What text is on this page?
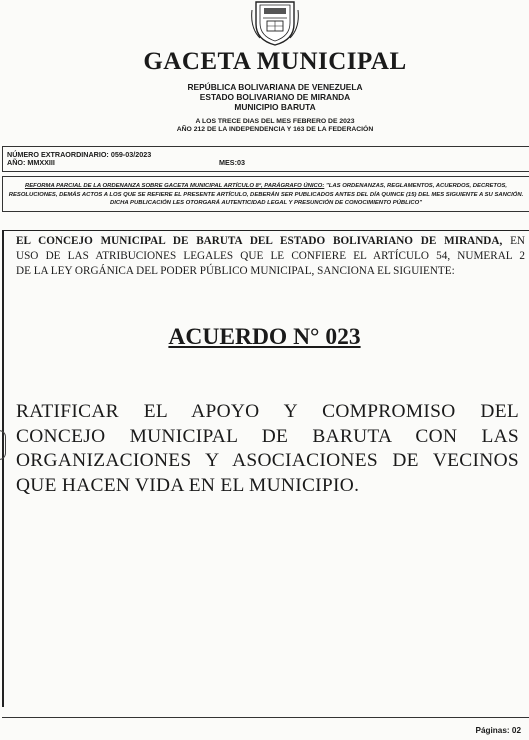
GACETA MUNICIPAL
REPÚBLICA BOLIVARIANA DE VENEZUELA
ESTADO BOLIVARIANO DE MIRANDA
MUNICIPIO BARUTA
A LOS TRECE DIAS DEL MES FEBRERO DE 2023
AÑO 212 DE LA INDEPENDENCIA Y 163 DE LA FEDERACIÓN
NÚMERO EXTRAORDINARIO: 059-03/2023
AÑO: MMXXIII	MES:03
REFORMA PARCIAL DE LA ORDENANZA SOBRE GACETA MUNICIPAL ARTÍCULO 8º, PARÁGRAFO ÚNICO: "LAS ORDENANZAS, REGLAMENTOS, ACUERDOS, DECRETOS,
RESOLUCIONES, DEMÁS ACTOS A LOS QUE SE REFIERE EL PRESENTE ARTÍCULO, DEBERÁN SER PUBLICADOS ANTES DEL DÍA QUINCE (15) DEL MES SIGUIENTE A SU SANCIÓN.
DICHA PUBLICACIÓN LES OTORGARÁ AUTENTICIDAD LEGAL Y PRESUNCIÓN DE CONOCIMIENTO PÚBLICO"
EL CONCEJO MUNICIPAL DE BARUTA DEL ESTADO BOLIVARIANO DE MIRANDA, EN
USO DE LAS ATRIBUCIONES LEGALES QUE LE CONFIERE EL ARTÍCULO 54, NUMERAL 2
DE LA LEY ORGÁNICA DEL PODER PÚBLICO MUNICIPAL, SANCIONA EL SIGUIENTE:
ACUERDO N° 023
RATIFICAR EL APOYO Y COMPROMISO DEL
CONCEJO MUNICIPAL DE BARUTA CON LAS
ORGANIZACIONES Y ASOCIACIONES DE VECINOS
QUE HACEN VIDA EN EL MUNICIPIO.
Páginas: 02
